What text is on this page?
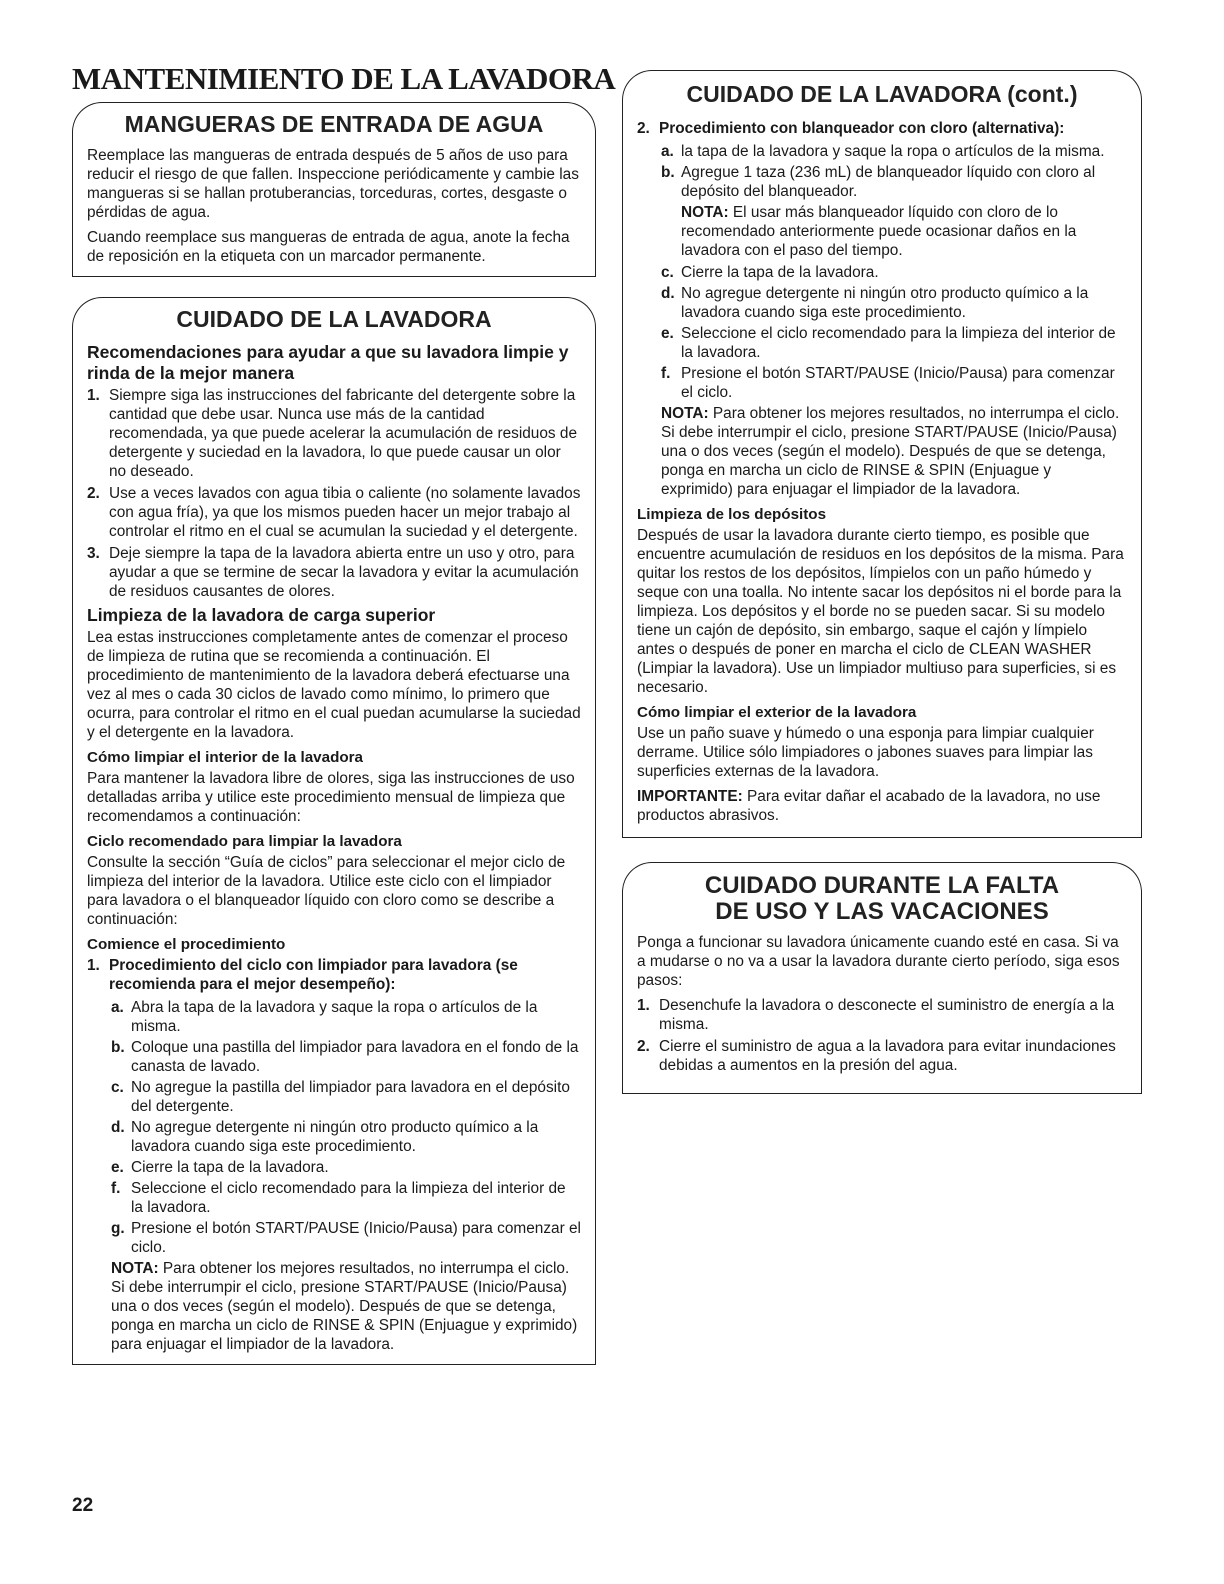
MANTENIMIENTO DE LA LAVADORA
MANGUERAS DE ENTRADA DE AGUA

Reemplace las mangueras de entrada después de 5 años de uso para reducir el riesgo de que fallen. Inspeccione periódicamente y cambie las mangueras si se hallan protuberancias, torceduras, cortes, desgaste o pérdidas de agua.

Cuando reemplace sus mangueras de entrada de agua, anote la fecha de reposición en la etiqueta con un marcador permanente.

CUIDADO DE LA LAVADORA
Recomendaciones para ayudar a que su lavadora limpie y rinda de la mejor manera
1. Siempre siga las instrucciones del fabricante del detergente sobre la cantidad que debe usar. Nunca use más de la cantidad recomendada, ya que puede acelerar la acumulación de residuos de detergente y suciedad en la lavadora, lo que puede causar un olor no deseado.
2. Use a veces lavados con agua tibia o caliente (no solamente lavados con agua fría), ya que los mismos pueden hacer un mejor trabajo al controlar el ritmo en el cual se acumulan la suciedad y el detergente.
3. Deje siempre la tapa de la lavadora abierta entre un uso y otro, para ayudar a que se termine de secar la lavadora y evitar la acumulación de residuos causantes de olores.
Limpieza de la lavadora de carga superior

Lea estas instrucciones completamente antes de comenzar el proceso de limpieza de rutina que se recomienda a continuación. El procedimiento de mantenimiento de la lavadora deberá efectuarse una vez al mes o cada 30 ciclos de lavado como mínimo, lo primero que ocurra, para controlar el ritmo en el cual puedan acumularse la suciedad y el detergente en la lavadora.

Cómo limpiar el interior de la lavadora

Para mantener la lavadora libre de olores, siga las instrucciones de uso detalladas arriba y utilice este procedimiento mensual de limpieza que recomendamos a continuación:

Ciclo recomendado para limpiar la lavadora

Consulte la sección “Guía de ciclos” para seleccionar el mejor ciclo de limpieza del interior de la lavadora. Utilice este ciclo con el limpiador para lavadora o el blanqueador líquido con cloro como se describe a continuación:

Comience el procedimiento
1. Procedimiento del ciclo con limpiador para lavadora (se recomienda para el mejor desempeño):
a. Abra la tapa de la lavadora y saque la ropa o artículos de la misma.
b. Coloque una pastilla del limpiador para lavadora en el fondo de la canasta de lavado.
c. No agregue la pastilla del limpiador para lavadora en el depósito del detergente.
d. No agregue detergente ni ningún otro producto químico a la lavadora cuando siga este procedimiento.
e. Cierre la tapa de la lavadora.
f. Seleccione el ciclo recomendado para la limpieza del interior de la lavadora.
g. Presione el botón START/PAUSE (Inicio/Pausa) para comenzar el ciclo.

NOTA: Para obtener los mejores resultados, no interrumpa el ciclo. Si debe interrumpir el ciclo, presione START/PAUSE (Inicio/Pausa) una o dos veces (según el modelo). Después de que se detenga, ponga en marcha un ciclo de RINSE & SPIN (Enjuague y exprimido) para enjuagar el limpiador de la lavadora.

CUIDADO DE LA LAVADORA (cont.)
2. Procedimiento con blanqueador con cloro (alternativa):
a. la tapa de la lavadora y saque la ropa o artículos de la misma.
b. Agregue 1 taza (236 mL) de blanqueador líquido con cloro al depósito del blanqueador.

NOTA: El usar más blanqueador líquido con cloro de lo recomendado anteriormente puede ocasionar daños en la lavadora con el paso del tiempo.

c. Cierre la tapa de la lavadora.
d. No agregue detergente ni ningún otro producto químico a la lavadora cuando siga este procedimiento.
e. Seleccione el ciclo recomendado para la limpieza del interior de la lavadora.
f. Presione el botón START/PAUSE (Inicio/Pausa) para comenzar el ciclo.

NOTA: Para obtener los mejores resultados, no interrumpa el ciclo. Si debe interrumpir el ciclo, presione START/PAUSE (Inicio/Pausa) una o dos veces (según el modelo). Después de que se detenga, ponga en marcha un ciclo de RINSE & SPIN (Enjuague y exprimido) para enjuagar el limpiador de la lavadora.

Limpieza de los depósitos

Después de usar la lavadora durante cierto tiempo, es posible que encuentre acumulación de residuos en los depósitos de la misma. Para quitar los restos de los depósitos, límpielos con un paño húmedo y seque con una toalla. No intente sacar los depósitos ni el borde para la limpieza. Los depósitos y el borde no se pueden sacar. Si su modelo tiene un cajón de depósito, sin embargo, saque el cajón y límpielo antes o después de poner en marcha el ciclo de CLEAN WASHER (Limpiar la lavadora). Use un limpiador multiuso para superficies, si es necesario.

Cómo limpiar el exterior de la lavadora

Use un paño suave y húmedo o una esponja para limpiar cualquier derrame. Utilice sólo limpiadores o jabones suaves para limpiar las superficies externas de la lavadora.

IMPORTANTE: Para evitar dañar el acabado de la lavadora, no use productos abrasivos.

CUIDADO DURANTE LA FALTA
DE USO Y LAS VACACIONES

Ponga a funcionar su lavadora únicamente cuando esté en casa. Si va a mudarse o no va a usar la lavadora durante cierto período, siga esos pasos:

1. Desenchufe la lavadora o desconecte el suministro de energía a la misma.
2. Cierre el suministro de agua a la lavadora para evitar inundaciones debidas a aumentos en la presión del agua.
22
